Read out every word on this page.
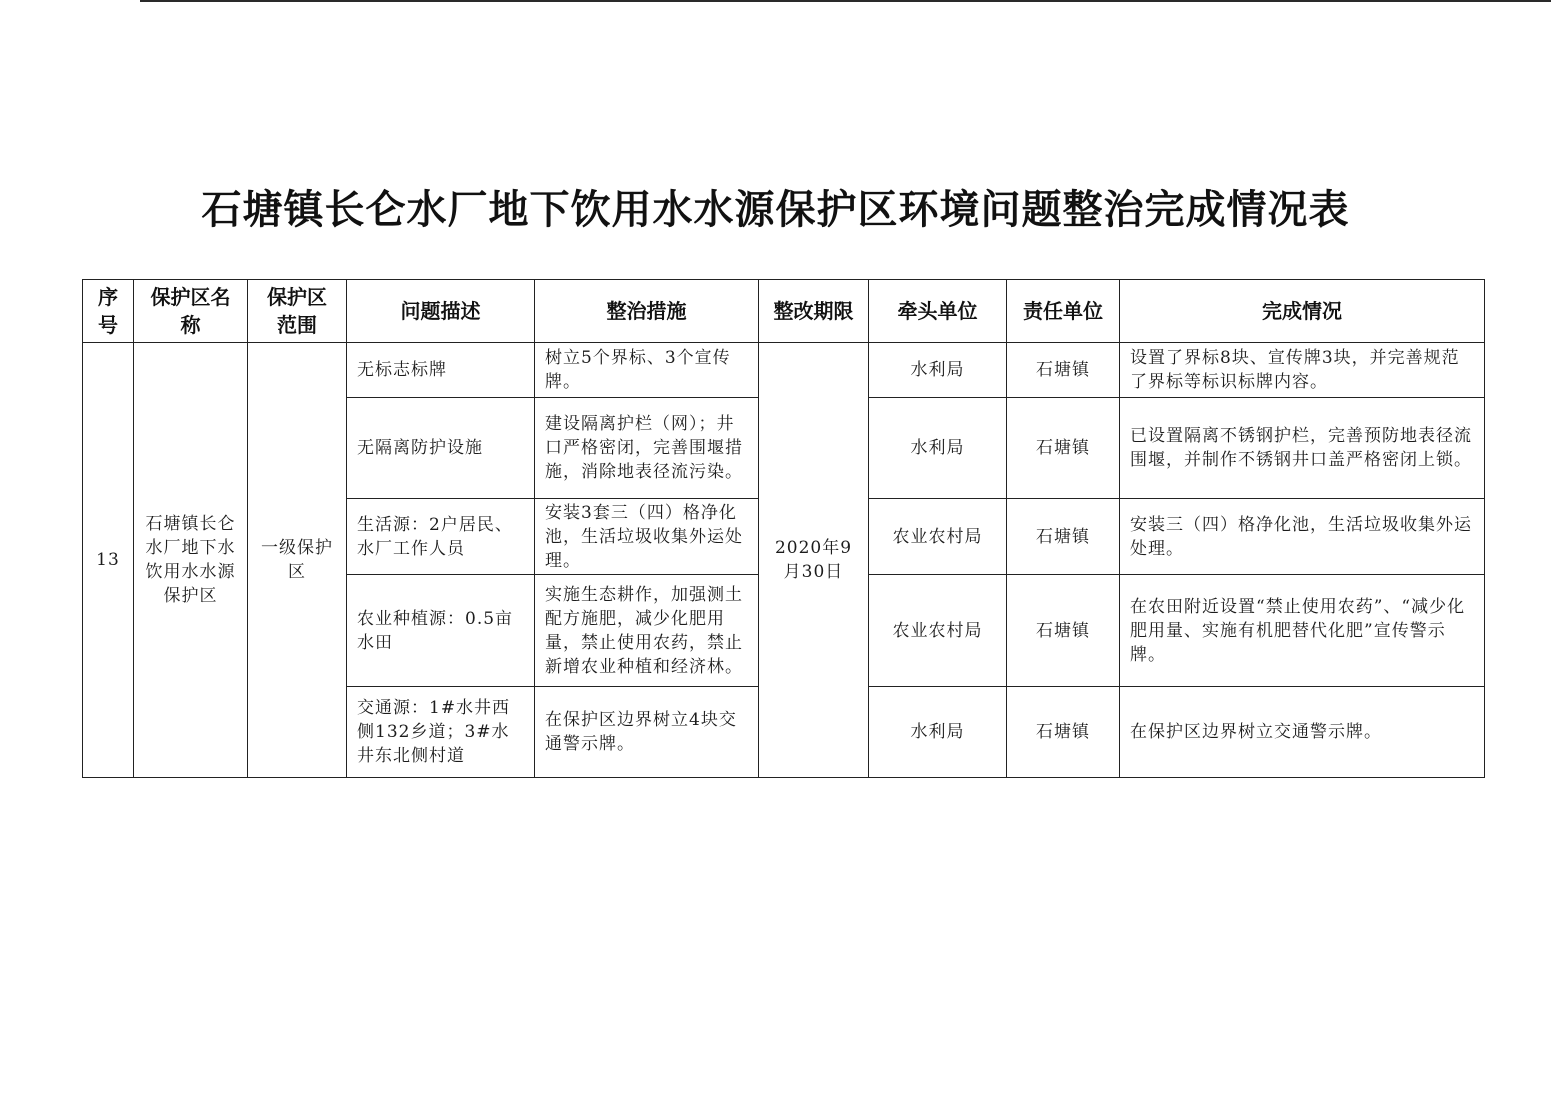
石塘镇长仑水厂地下饮用水水源保护区环境问题整治完成情况表
序号	保护区名称	保护区范围	问题描述	整治措施	整改期限	牵头单位	责任单位	完成情况
13	石塘镇长仑水厂地下水饮用水水源保护区	一级保护区	无标志标牌	树立5个界标、3个宣传牌。	2020年9月30日	水利局	石塘镇	设置了界标8块、宣传牌3块，并完善规范了界标等标识标牌内容。
			无隔离防护设施	建设隔离护栏（网）；井口严格密闭，完善围堰措施，消除地表径流污染。		水利局	石塘镇	已设置隔离不锈钢护栏，完善预防地表径流围堰，并制作不锈钢井口盖严格密闭上锁。
			生活源：2户居民、水厂工作人员	安装3套三（四）格净化池，生活垃圾收集外运处理。		农业农村局	石塘镇	安装三（四）格净化池，生活垃圾收集外运处理。
			农业种植源：0.5亩水田	实施生态耕作，加强测土配方施肥，减少化肥用量，禁止使用农药，禁止新增农业种植和经济林。		农业农村局	石塘镇	在农田附近设置“禁止使用农药”、“减少化肥用量、实施有机肥替代化肥”宣传警示牌。
			交通源：1#水井西侧132乡道；3#水井东北侧村道	在保护区边界树立4块交通警示牌。		水利局	石塘镇	在保护区边界树立交通警示牌。
